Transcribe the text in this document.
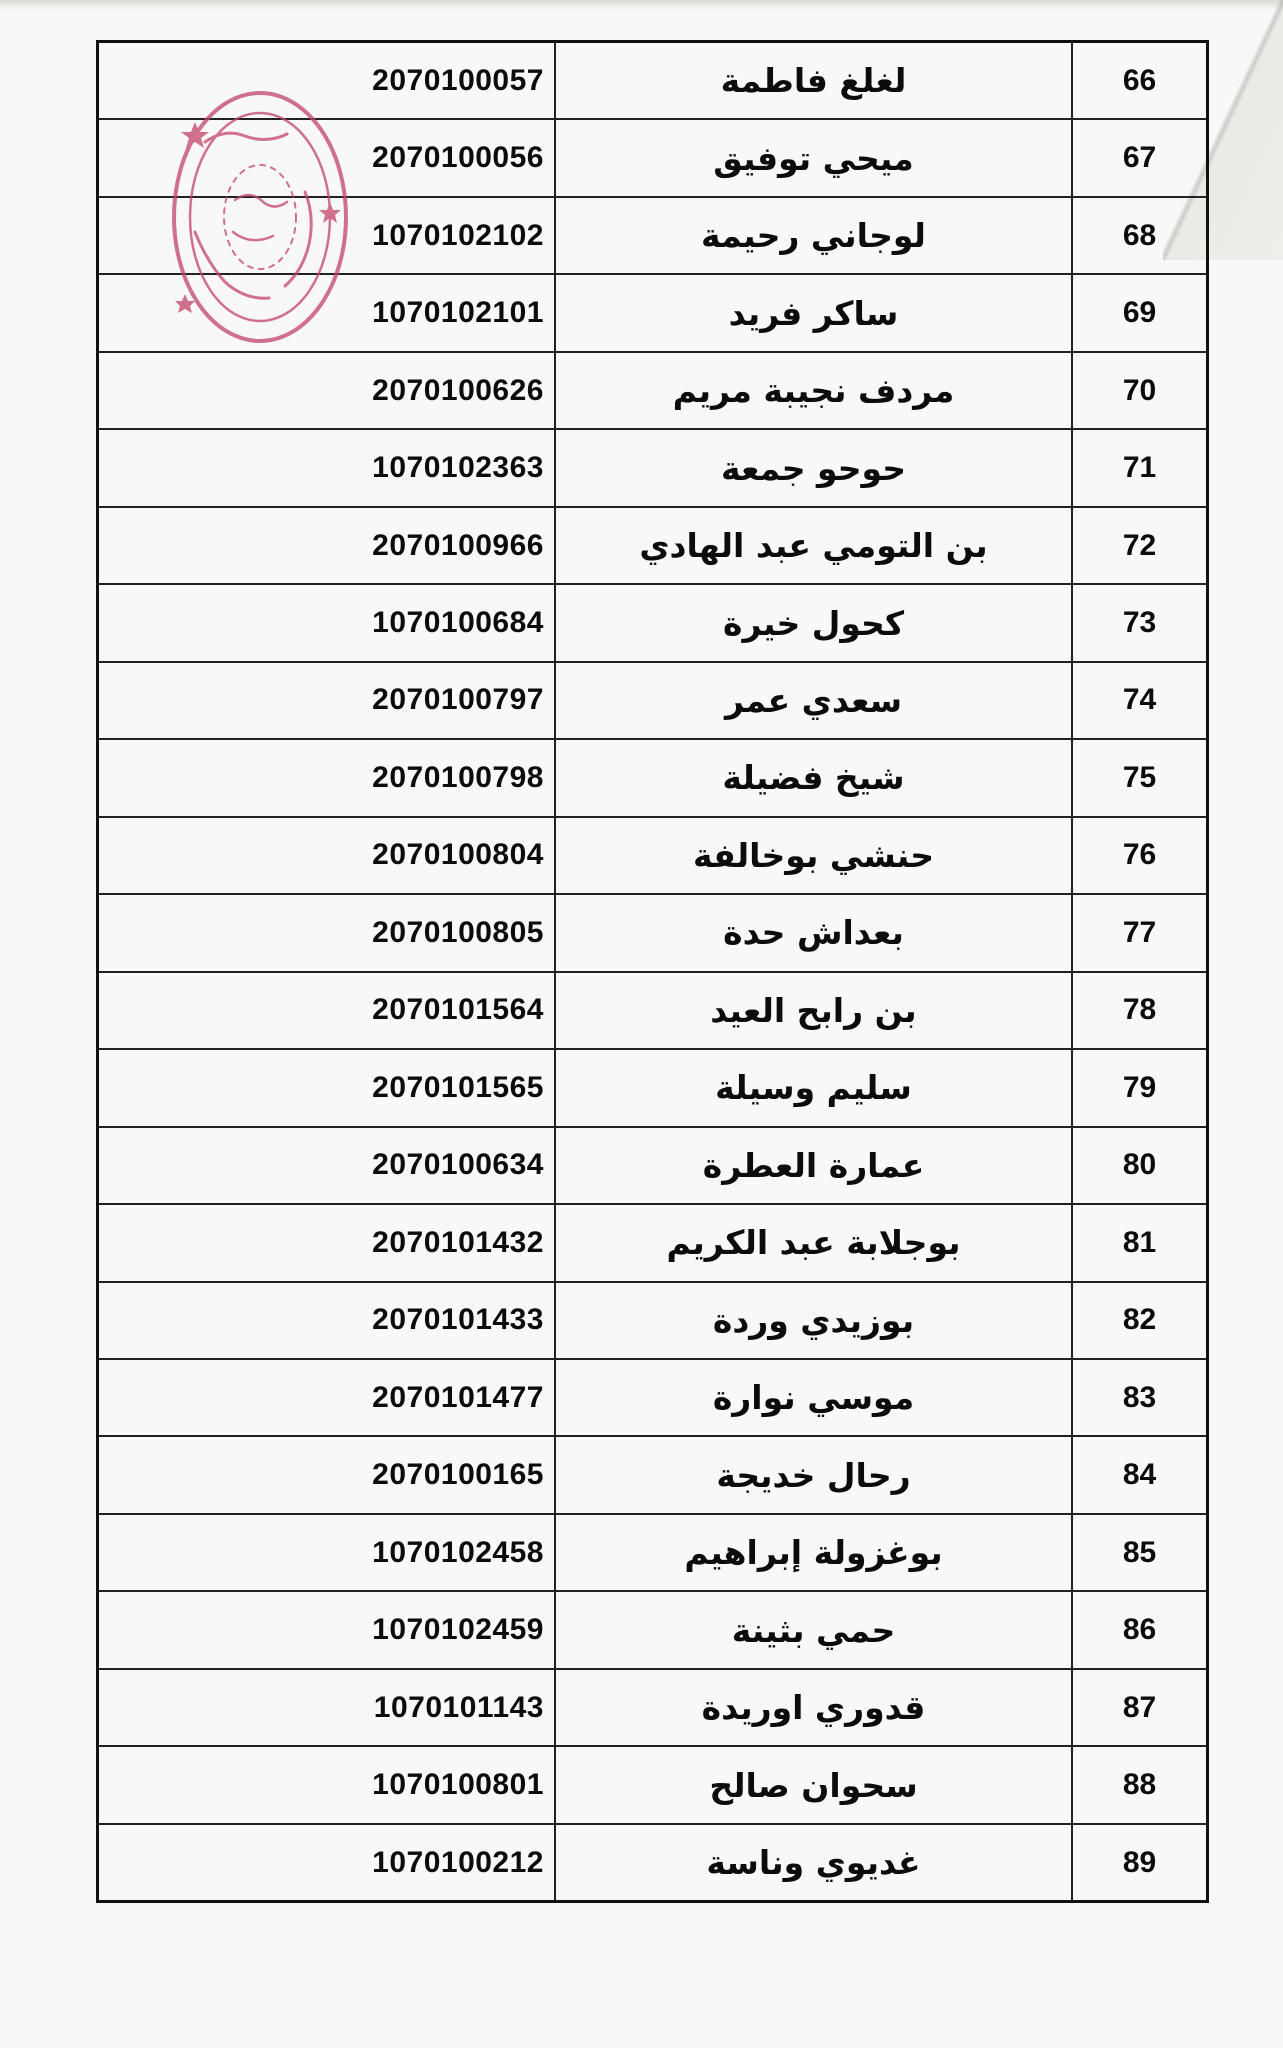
2070100057	لغلغ فاطمة	66
2070100056	ميحي توفيق	67
1070102102	لوجاني رحيمة	68
1070102101	ساكر فريد	69
2070100626	مردف نجيبة مريم	70
1070102363	حوحو جمعة	71
2070100966	بن التومي عبد الهادي	72
1070100684	كحول خيرة	73
2070100797	سعدي عمر	74
2070100798	شيخ فضيلة	75
2070100804	حنشي بوخالفة	76
2070100805	بعداش حدة	77
2070101564	بن رابح العيد	78
2070101565	سليم وسيلة	79
2070100634	عمارة العطرة	80
2070101432	بوجلابة عبد الكريم	81
2070101433	بوزيدي وردة	82
2070101477	موسي نوارة	83
2070100165	رحال خديجة	84
1070102458	بوغزولة إبراهيم	85
1070102459	حمي بثينة	86
1070101143	قدوري اوريدة	87
1070100801	سحوان صالح	88
1070100212	غديوي وناسة	89
